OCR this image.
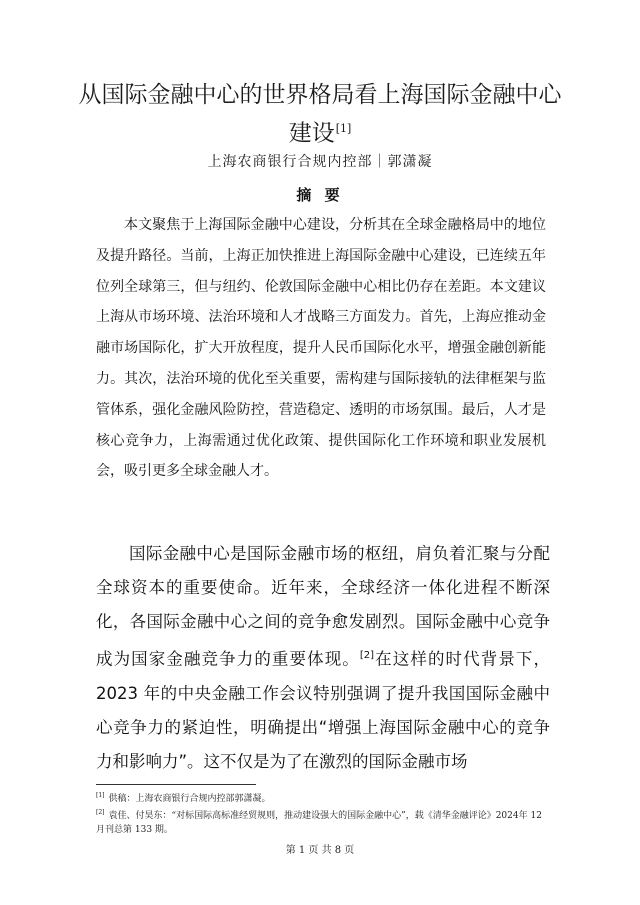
从国际金融中心的世界格局看上海国际金融中心建设[1]
上海农商银行合规内控部｜郭潇凝
摘 要

本文聚焦于上海国际金融中心建设，分析其在全球金融格局中的地位及提升路径。当前，上海正加快推进上海国际金融中心建设，已连续五年位列全球第三，但与纽约、伦敦国际金融中心相比仍存在差距。本文建议上海从市场环境、法治环境和人才战略三方面发力。首先，上海应推动金融市场国际化，扩大开放程度，提升人民币国际化水平，增强金融创新能力。其次，法治环境的优化至关重要，需构建与国际接轨的法律框架与监管体系，强化金融风险防控，营造稳定、透明的市场氛围。最后，人才是核心竞争力，上海需通过优化政策、提供国际化工作环境和职业发展机会，吸引更多全球金融人才。

国际金融中心是国际金融市场的枢纽，肩负着汇聚与分配全球资本的重要使命。近年来，全球经济一体化进程不断深化，各国际金融中心之间的竞争愈发剧烈。国际金融中心竞争成为国家金融竞争力的重要体现。[2]在这样的时代背景下，2023 年的中央金融工作会议特别强调了提升我国国际金融中心竞争力的紧迫性，明确提出“增强上海国际金融中心的竞争力和影响力”。这不仅是为了在激烈的国际金融市场

[1] 供稿：上海农商银行合规内控部郭潇凝。
[2] 袁佳、付昊东：“对标国际高标准经贸规则，推动建设强大的国际金融中心”，载《清华金融评论》2024年 12 月刊总第 133 期。
第 1 页 共 8 页
